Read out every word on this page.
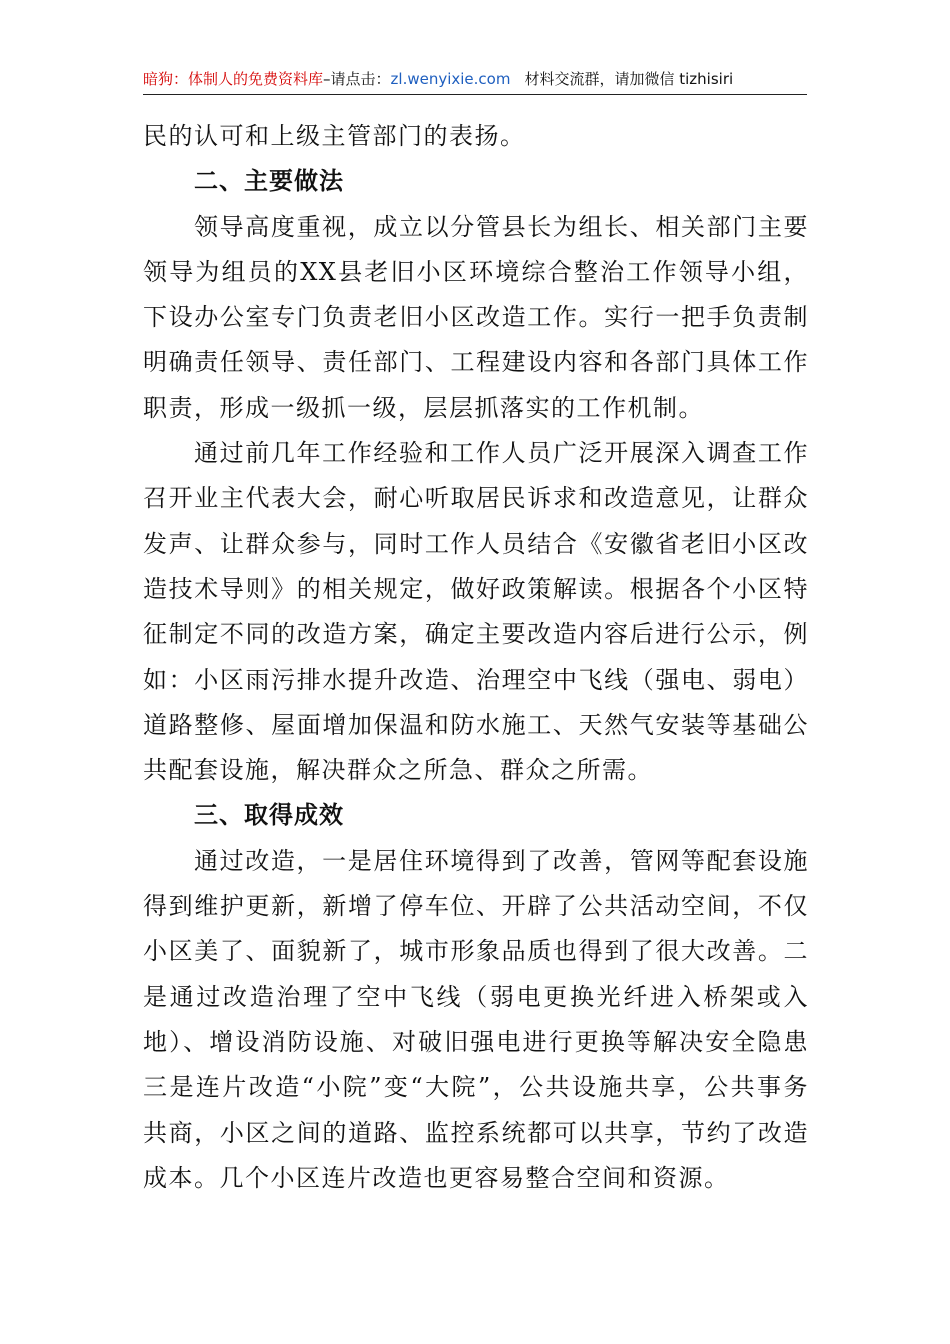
暗狗：体制人的免费资料库–请点击：zl.wenyixie.com 材料交流群，请加微信 tizhisiri

民的认可和上级主管部门的表扬。

二、主要做法

领导高度重视，成立以分管县长为组长、相关部门主要领导为组员的XX县老旧小区环境综合整治工作领导小组，下设办公室专门负责老旧小区改造工作。实行一把手负责制明确责任领导、责任部门、工程建设内容和各部门具体工作职责，形成一级抓一级，层层抓落实的工作机制。

通过前几年工作经验和工作人员广泛开展深入调查工作召开业主代表大会，耐心听取居民诉求和改造意见，让群众发声、让群众参与，同时工作人员结合《安徽省老旧小区改造技术导则》的相关规定，做好政策解读。根据各个小区特征制定不同的改造方案，确定主要改造内容后进行公示，例如：小区雨污排水提升改造、治理空中飞线（强电、弱电）道路整修、屋面增加保温和防水施工、天然气安装等基础公共配套设施，解决群众之所急、群众之所需。

三、取得成效

通过改造，一是居住环境得到了改善，管网等配套设施得到维护更新，新增了停车位、开辟了公共活动空间，不仅小区美了、面貌新了，城市形象品质也得到了很大改善。二是通过改造治理了空中飞线（弱电更换光纤进入桥架或入地）、增设消防设施、对破旧强电进行更换等解决安全隐患三是连片改造“小院”变“大院”，公共设施共享，公共事务共商，小区之间的道路、监控系统都可以共享，节约了改造成本。几个小区连片改造也更容易整合空间和资源。
